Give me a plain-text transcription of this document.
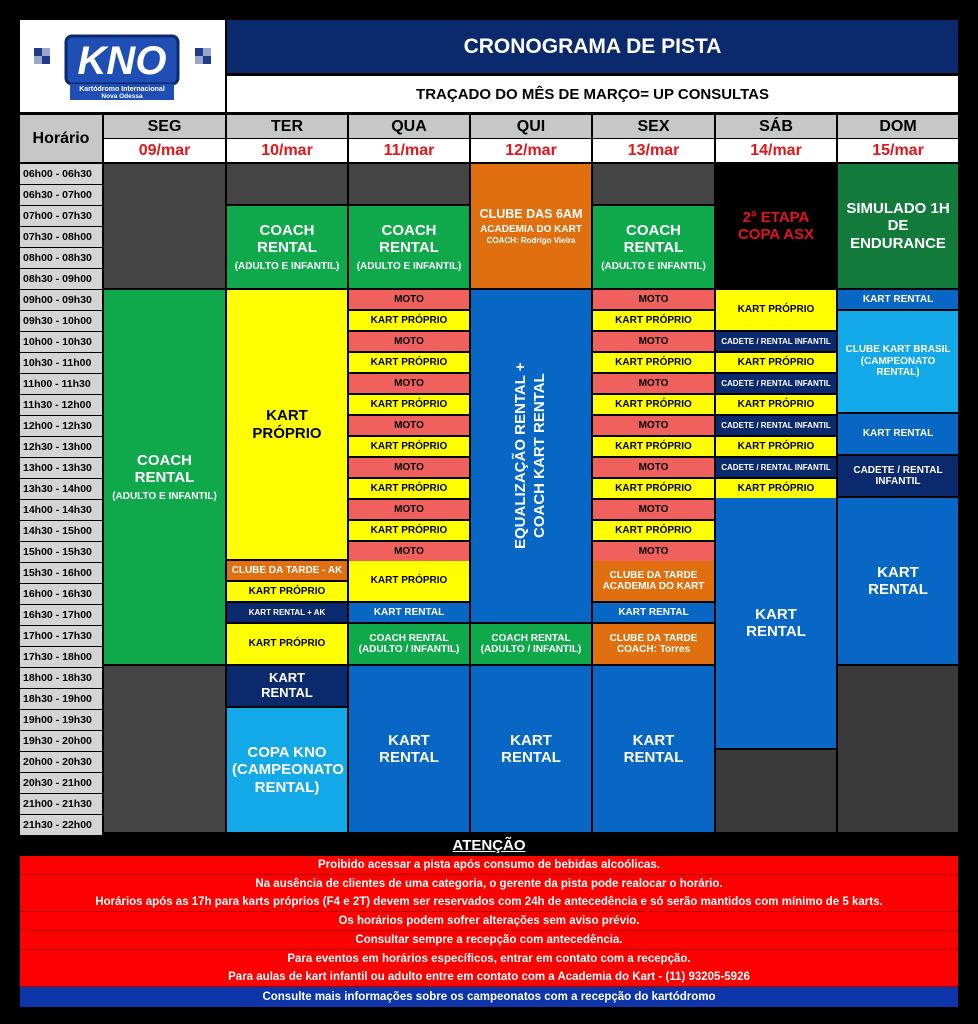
KNO
Kartódromo Internacional
Nova Odessa
CRONOGRAMA DE PISTA
TRAÇADO DO MÊS DE MARÇO= UP CONSULTAS
Horário
SEG
09/mar
TER
10/mar
QUA
11/mar
QUI
12/mar
SEX
13/mar
SÁB
14/mar
DOM
15/mar
06h00 - 06h30
06h30 - 07h00
07h00 - 07h30
07h30 - 08h00
08h00 - 08h30
08h30 - 09h00
09h00 - 09h30
09h30 - 10h00
10h00 - 10h30
10h30 - 11h00
11h00 - 11h30
11h30 - 12h00
12h00 - 12h30
12h30 - 13h00
13h00 - 13h30
13h30 - 14h00
14h00 - 14h30
14h30 - 15h00
15h00 - 15h30
15h30 - 16h00
16h00 - 16h30
16h30 - 17h00
17h00 - 17h30
17h30 - 18h00
18h00 - 18h30
18h30 - 19h00
19h00 - 19h30
19h30 - 20h00
20h00 - 20h30
20h30 - 21h00
21h00 - 21h30
21h30 - 22h00
COACH RENTAL
(ADULTO E INFANTIL)
COACH RENTAL
(ADULTO E INFANTIL)
KART PRÓPRIO
CLUBE DA TARDE - AK
KART PRÓPRIO
KART RENTAL + AK
KART PRÓPRIO
KART RENTAL
COPA KNO (CAMPEONATO RENTAL)
COACH RENTAL
(ADULTO E INFANTIL)
MOTO
KART PRÓPRIO
MOTO
KART PRÓPRIO
MOTO
KART PRÓPRIO
MOTO
KART PRÓPRIO
MOTO
KART PRÓPRIO
MOTO
KART PRÓPRIO
MOTO
KART PRÓPRIO
KART RENTAL
COACH RENTAL (ADULTO / INFANTIL)
KART RENTAL
CLUBE DAS 6AM
ACADEMIA DO KART
COACH: Rodrigo Vieira
EQUALIZAÇÃO RENTAL + COACH KART RENTAL
COACH RENTAL (ADULTO / INFANTIL)
KART RENTAL
COACH RENTAL
(ADULTO E INFANTIL)
MOTO
KART PRÓPRIO
MOTO
KART PRÓPRIO
MOTO
KART PRÓPRIO
MOTO
KART PRÓPRIO
MOTO
KART PRÓPRIO
MOTO
KART PRÓPRIO
MOTO
CLUBE DA TARDE
ACADEMIA DO KART
KART RENTAL
CLUBE DA TARDE
COACH: Torres
KART RENTAL
2ª ETAPA COPA ASX
KART PRÓPRIO
CADETE / RENTAL INFANTIL
KART PRÓPRIO
CADETE / RENTAL INFANTIL
KART PRÓPRIO
CADETE / RENTAL INFANTIL
KART PRÓPRIO
CADETE / RENTAL INFANTIL
KART PRÓPRIO
KART RENTAL
SIMULADO 1H DE ENDURANCE
KART RENTAL
CLUBE KART BRASIL (CAMPEONATO RENTAL)
KART RENTAL
CADETE / RENTAL INFANTIL
KART RENTAL
ATENÇÃO
Proibido acessar a pista após consumo de bebidas alcoólicas.
Na ausência de clientes de uma categoria, o gerente da pista pode realocar o horário.
Horários após as 17h para karts próprios (F4 e 2T) devem ser reservados com 24h de antecedência e só serão mantidos com mínimo de 5 karts.
Os horários podem sofrer alterações sem aviso prévio.
Consultar sempre a recepção com antecedência.
Para eventos em horários específicos, entrar em contato com a recepção.
Para aulas de kart infantil ou adulto entre em contato com a Academia do Kart - (11) 93205-5926
Consulte mais informações sobre os campeonatos com a recepção do kartódromo
